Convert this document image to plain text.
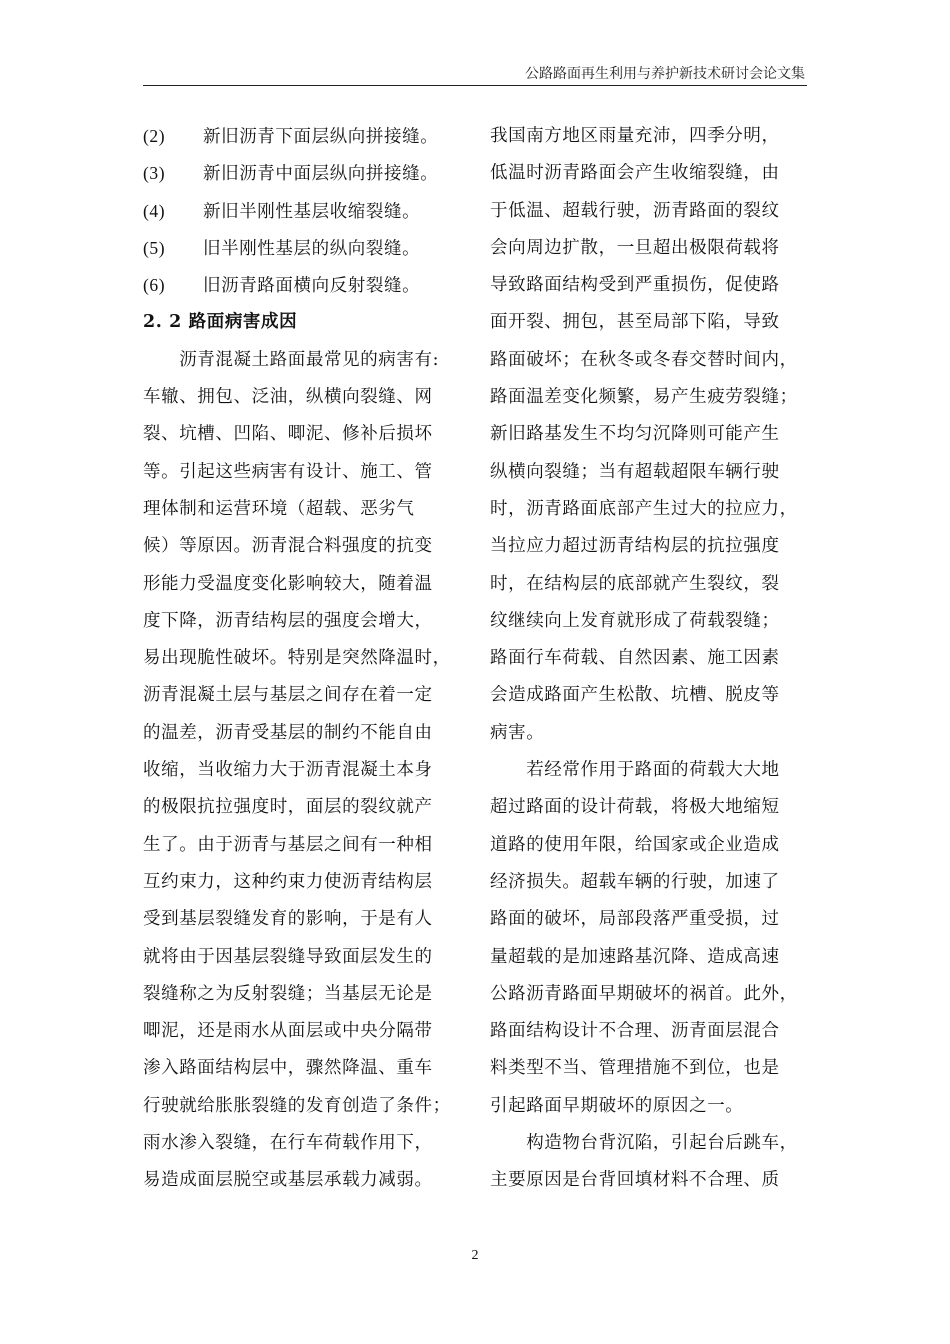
公路路面再生利用与养护新技术研讨会论文集
(2) 新旧沥青下面层纵向拼接缝。
(3) 新旧沥青中面层纵向拼接缝。
(4) 新旧半刚性基层收缩裂缝。
(5) 旧半刚性基层的纵向裂缝。
(6) 旧沥青路面横向反射裂缝。
2. 2 路面病害成因
　　沥青混凝土路面最常见的病害有:
车辙、拥包、泛油，纵横向裂缝、网
裂、坑槽、凹陷、唧泥、修补后损坏
等。引起这些病害有设计、施工、管
理体制和运营环境（超载、恶劣气
候）等原因。沥青混合料强度的抗变
形能力受温度变化影响较大，随着温
度下降，沥青结构层的强度会增大，
易出现脆性破坏。特别是突然降温时，
沥青混凝土层与基层之间存在着一定
的温差，沥青受基层的制约不能自由
收缩，当收缩力大于沥青混凝土本身
的极限抗拉强度时，面层的裂纹就产
生了。由于沥青与基层之间有一种相
互约束力，这种约束力使沥青结构层
受到基层裂缝发育的影响，于是有人
就将由于因基层裂缝导致面层发生的
裂缝称之为反射裂缝；当基层无论是
唧泥，还是雨水从面层或中央分隔带
渗入路面结构层中，骤然降温、重车
行驶就给胀胀裂缝的发育创造了条件；
雨水渗入裂缝，在行车荷载作用下，
易造成面层脱空或基层承载力减弱。
我国南方地区雨量充沛，四季分明，
低温时沥青路面会产生收缩裂缝，由
于低温、超载行驶，沥青路面的裂纹
会向周边扩散，一旦超出极限荷载将
导致路面结构受到严重损伤，促使路
面开裂、拥包，甚至局部下陷，导致
路面破坏；在秋冬或冬春交替时间内，
路面温差变化频繁，易产生疲劳裂缝；
新旧路基发生不均匀沉降则可能产生
纵横向裂缝；当有超载超限车辆行驶
时，沥青路面底部产生过大的拉应力，
当拉应力超过沥青结构层的抗拉强度
时，在结构层的底部就产生裂纹，裂
纹继续向上发育就形成了荷载裂缝；
路面行车荷载、自然因素、施工因素
会造成路面产生松散、坑槽、脱皮等
病害。
　　若经常作用于路面的荷载大大地
超过路面的设计荷载，将极大地缩短
道路的使用年限，给国家或企业造成
经济损失。超载车辆的行驶，加速了
路面的破坏，局部段落严重受损，过
量超载的是加速路基沉降、造成高速
公路沥青路面早期破坏的祸首。此外，
路面结构设计不合理、沥青面层混合
料类型不当、管理措施不到位，也是
引起路面早期破坏的原因之一。
　　构造物台背沉陷，引起台后跳车，
主要原因是台背回填材料不合理、质
2
